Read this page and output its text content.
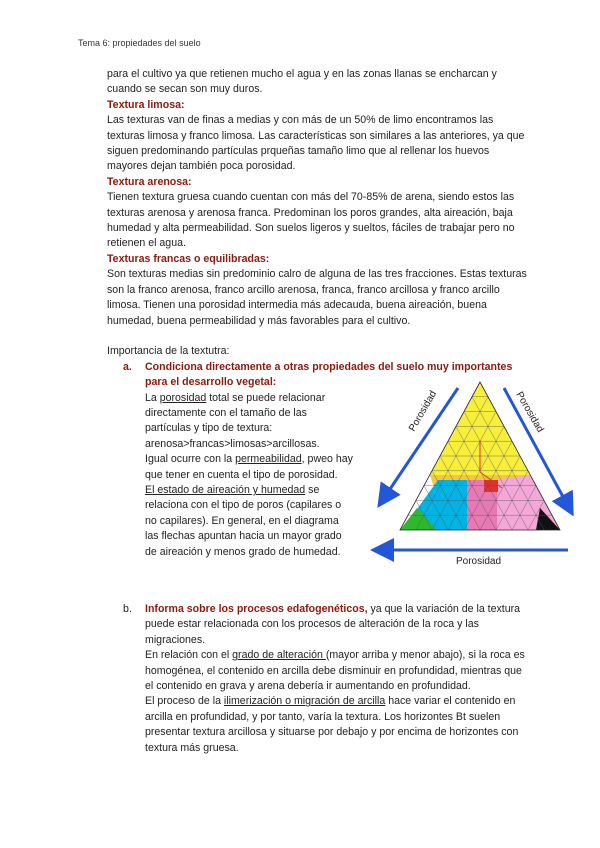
Tema 6: propiedades del suelo

para el cultivo ya que retienen mucho el agua y en las zonas llanas se encharcan y cuando se secan son muy duros.

Textura limosa:

Las texturas van de finas a medias y con más de un 50% de limo encontramos las texturas limosa y franco limosa. Las características son similares a las anteriores, ya que siguen predominando partículas prqueñas tamaño limo que al rellenar los huevos mayores dejan también poca porosidad.

Textura arenosa:

Tienen textura gruesa cuando cuentan con más del 70-85% de arena, siendo estos las texturas arenosa y arenosa franca. Predominan los poros grandes, alta aireación, baja humedad y alta permeabilidad. Son suelos ligeros y sueltos, fáciles de trabajar pero no retienen el agua.

Texturas francas o equilibradas:

Son texturas medias sin predominio calro de alguna de las tres fracciones. Estas texturas son la franco arenosa, franco arcillo arenosa, franca, franco arcillosa y franco arcillo limosa. Tienen una porosidad intermedia más adecauda, buena aireación, buena humedad, buena permeabilidad y más favorables para el cultivo.

Importancia de la textutra:

a. Condiciona directamente a otras propiedades del suelo muy importantes para el desarrollo vegetal:

La porosidad total se puede relacionar directamente con el tamaño de las partículas y tipo de textura: arenosa>francas>limosas>arcillosas.

Igual ocurre con la permeabilidad, pweo hay que tener en cuenta el tipo de porosidad.

El estado de aireación y humedad se relaciona con el tipo de poros (capilares o no capilares). En general, en el diagrama las flechas apuntan hacia un mayor grado de aireación y menos grado de humedad.

b. Informa sobre los procesos edafogenéticos, ya que la variación de la textura puede estar relacionada con los procesos de alteración de la roca y las migraciones.

En relación con el grado de alteración (mayor arriba y menor abajo), si la roca es homogénea, el contenido en arcilla debe disminuir en profundidad, mientras que el contenido en grava y arena debería ir aumentando en profundidad.

El proceso de la ilimerización o migración de arcilla hace variar el contenido en arcilla en profundidad, y por tanto, varía la textura. Los horizontes Bt suelen presentar textura arcillosa y situarse por debajo y por encima de horizontes con textura más gruesa.

Porosidad	Porosidad
Porosidad
